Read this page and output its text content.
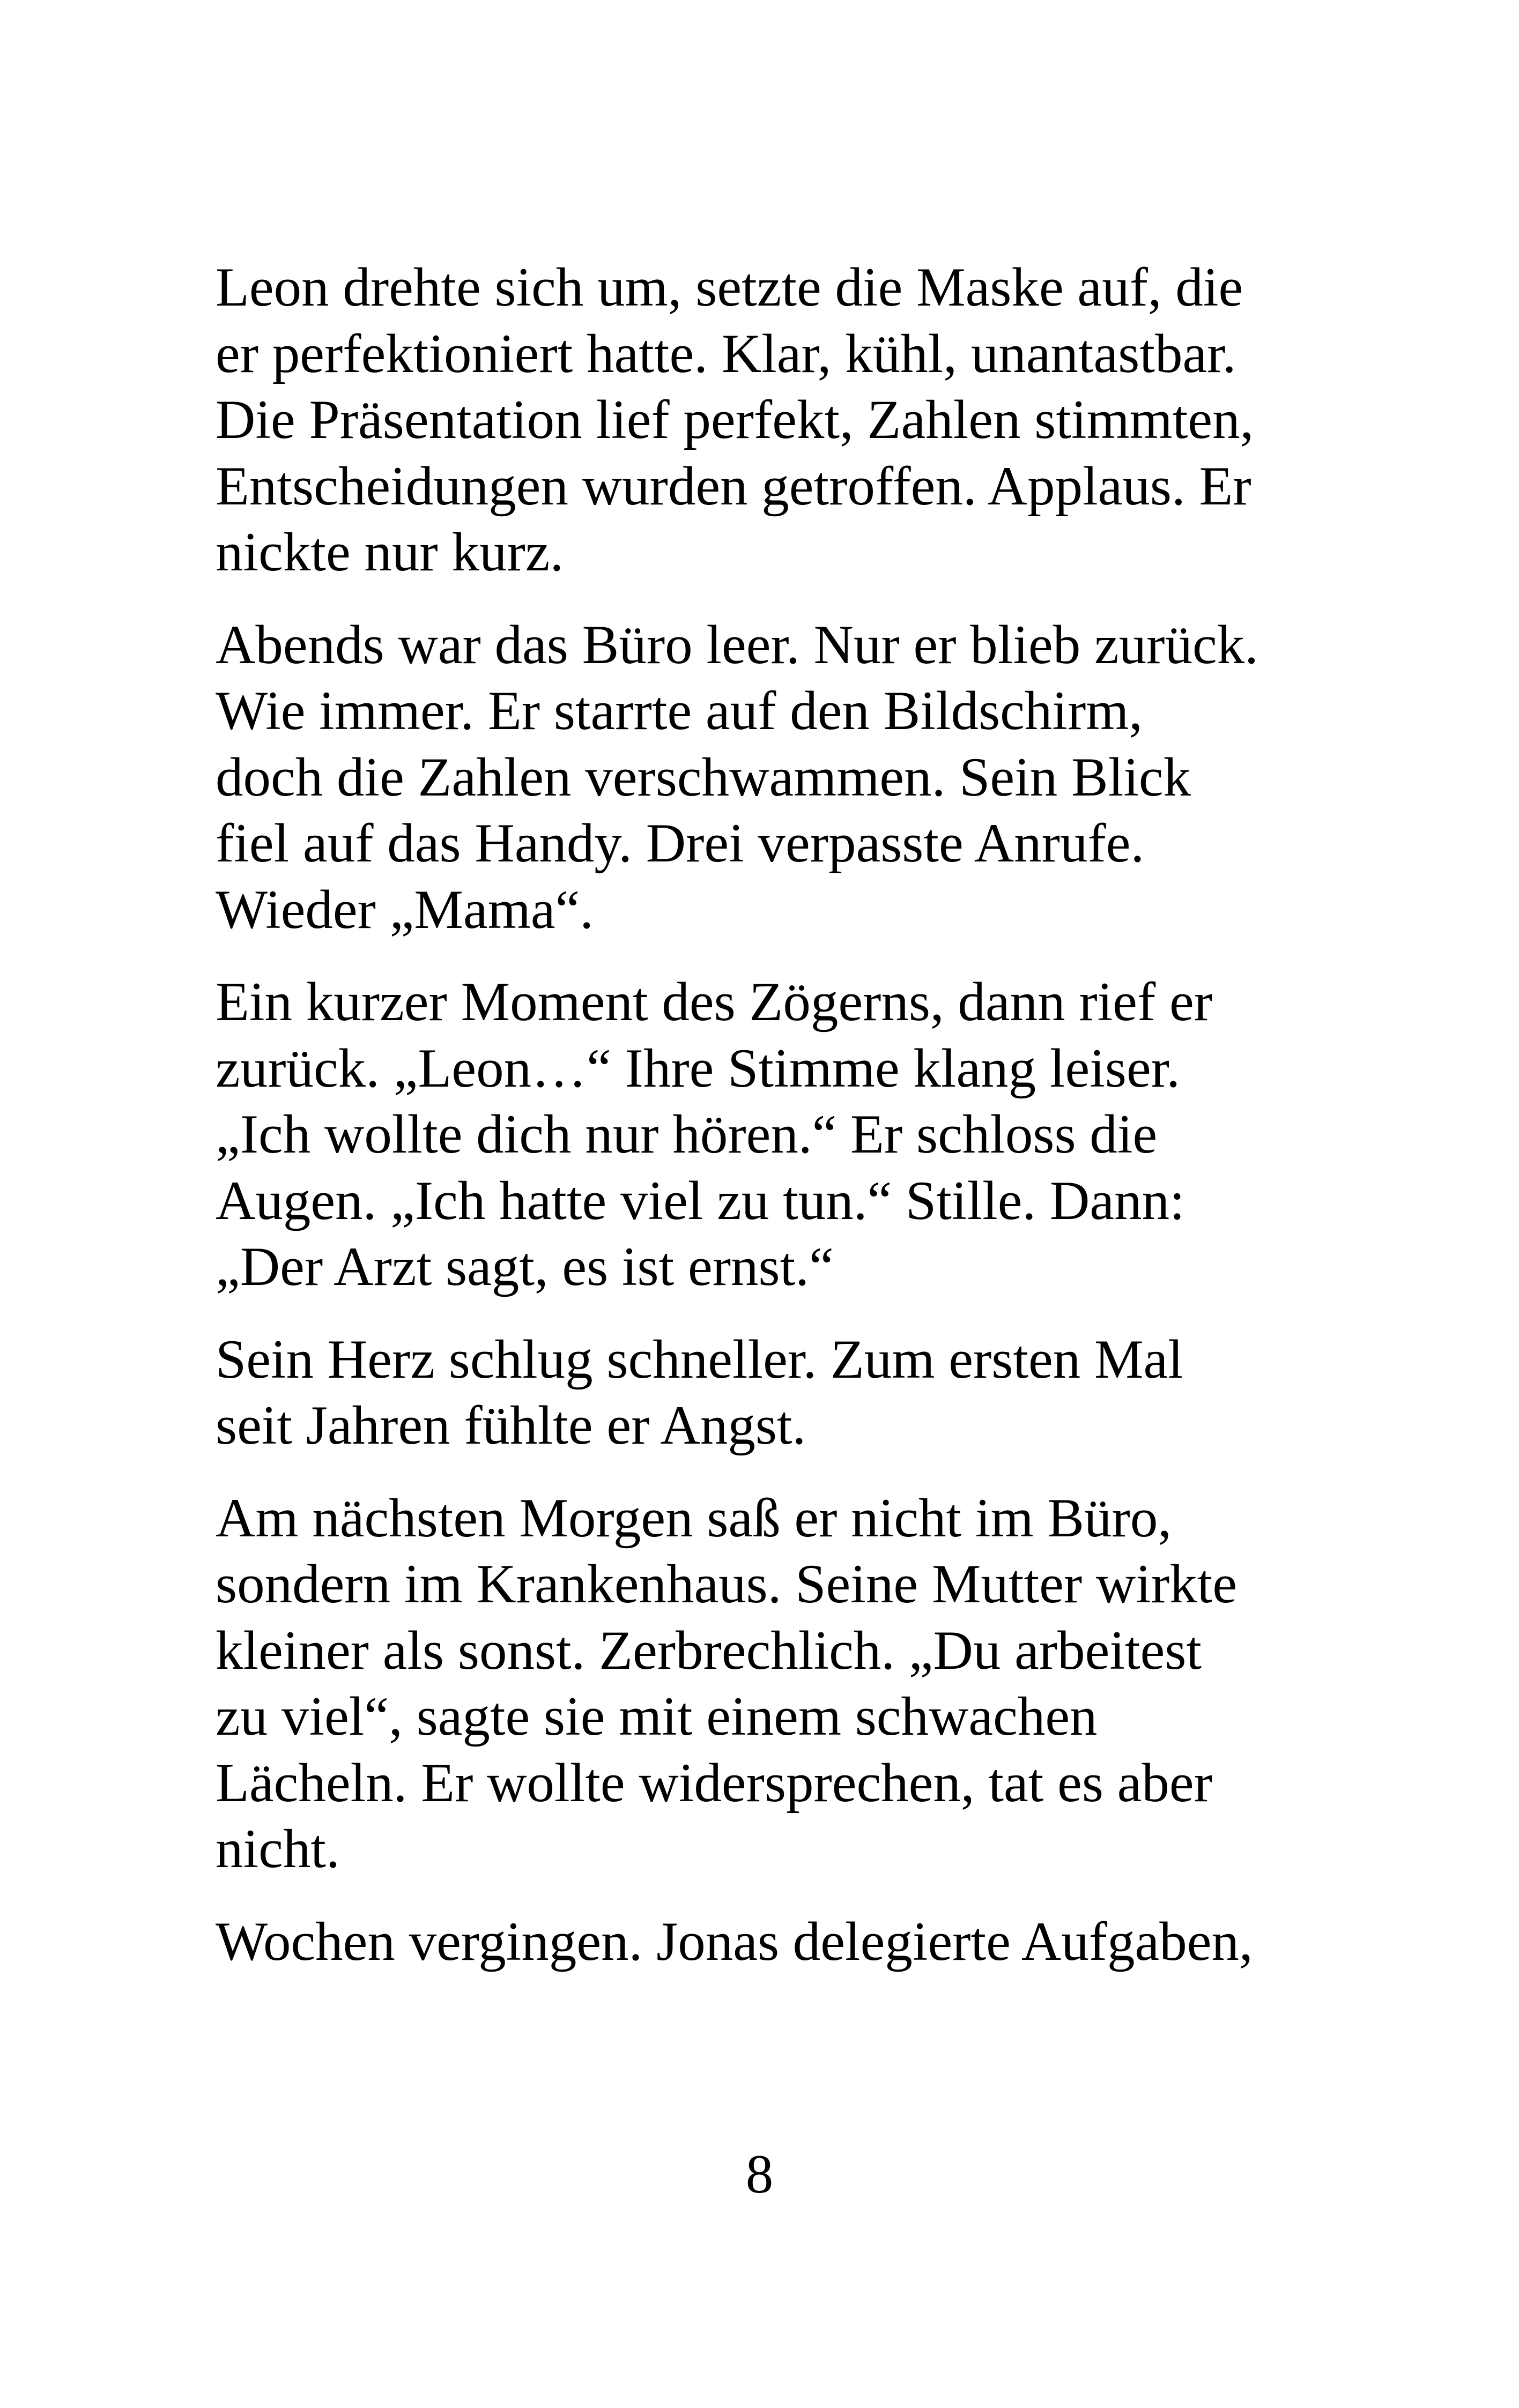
Leon drehte sich um, setzte die Maske auf, die
er perfektioniert hatte. Klar, kühl, unantastbar.
Die Präsentation lief perfekt, Zahlen stimmten,
Entscheidungen wurden getroffen. Applaus. Er
nickte nur kurz.

Abends war das Büro leer. Nur er blieb zurück.
Wie immer. Er starrte auf den Bildschirm,
doch die Zahlen verschwammen. Sein Blick
fiel auf das Handy. Drei verpasste Anrufe.
Wieder „Mama“.

Ein kurzer Moment des Zögerns, dann rief er
zurück. „Leon…“ Ihre Stimme klang leiser.
„Ich wollte dich nur hören.“ Er schloss die
Augen. „Ich hatte viel zu tun.“ Stille. Dann:
„Der Arzt sagt, es ist ernst.“

Sein Herz schlug schneller. Zum ersten Mal
seit Jahren fühlte er Angst.

Am nächsten Morgen saß er nicht im Büro,
sondern im Krankenhaus. Seine Mutter wirkte
kleiner als sonst. Zerbrechlich. „Du arbeitest
zu viel“, sagte sie mit einem schwachen
Lächeln. Er wollte widersprechen, tat es aber
nicht.

Wochen vergingen. Jonas delegierte Aufgaben,

8
